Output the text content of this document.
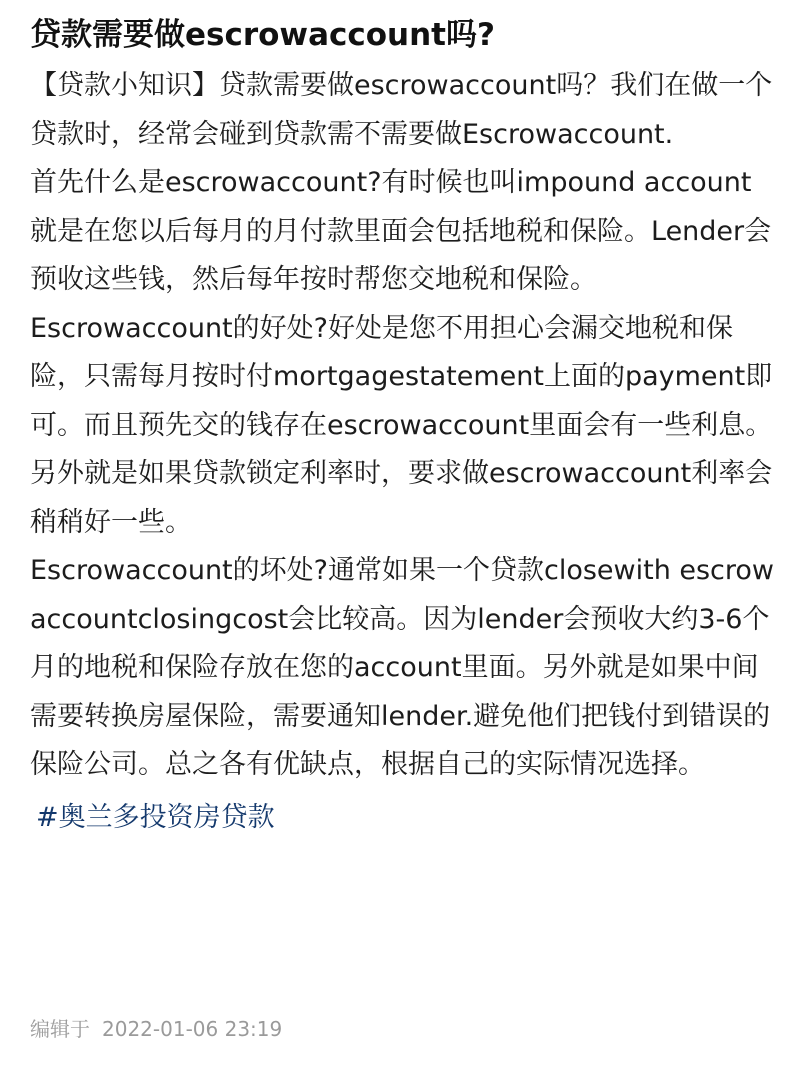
贷款需要做escrowaccount吗?

【贷款小知识】贷款需要做escrowaccount吗？我们在做一个贷款时，经常会碰到贷款需不需要做Escrowaccount.

首先什么是escrowaccount?有时候也叫impound account就是在您以后每月的月付款里面会包括地税和保险。Lender会预收这些钱，然后每年按时帮您交地税和保险。

Escrowaccount的好处?好处是您不用担心会漏交地税和保险，只需每月按时付mortgagestatement上面的payment即可。而且预先交的钱存在escrowaccount里面会有一些利息。另外就是如果贷款锁定利率时，要求做escrowaccount利率会稍稍好一些。

Escrowaccount的坏处?通常如果一个贷款closewith escrow accountclosingcost会比较高。因为lender会预收大约3-6个月的地税和保险存放在您的account里面。另外就是如果中间需要转换房屋保险，需要通知lender.避免他们把钱付到错误的保险公司。总之各有优缺点，根据自己的实际情况选择。

#奥兰多投资房贷款
编辑于 2022-01-06 23:19
